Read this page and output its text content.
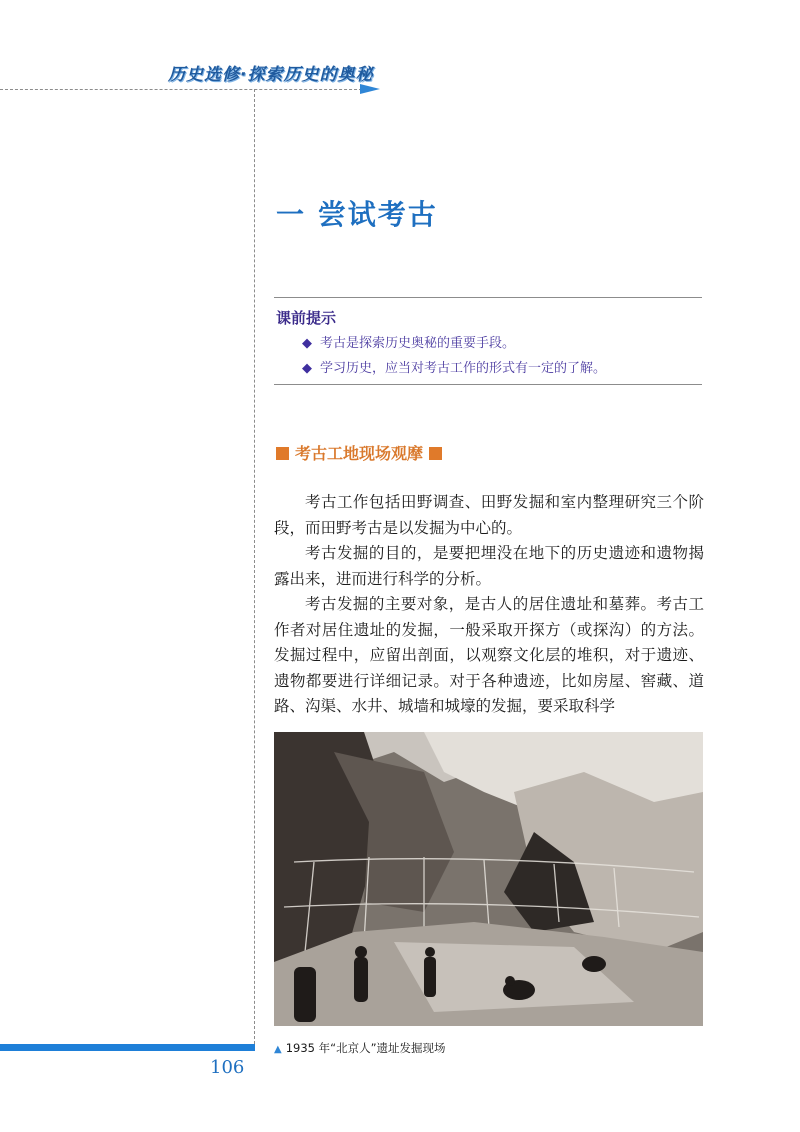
历史选修·探索历史的奥秘
一 尝试考古
课前提示
◆ 考古是探索历史奥秘的重要手段。
◆ 学习历史，应当对考古工作的形式有一定的了解。
考古工地现场观摩

考古工作包括田野调查、田野发掘和室内整理研究三个阶段，而田野考古是以发掘为中心的。

考古发掘的目的，是要把埋没在地下的历史遗迹和遗物揭露出来，进而进行科学的分析。

考古发掘的主要对象，是古人的居住遗址和墓葬。考古工作者对居住遗址的发掘，一般采取开探方（或探沟）的方法。发掘过程中，应留出剖面，以观察文化层的堆积，对于遗迹、遗物都要进行详细记录。对于各种遗迹，比如房屋、窖藏、道路、沟渠、水井、城墙和城壕的发掘，要采取科学

▲ 1935 年“北京人”遗址发掘现场
106
